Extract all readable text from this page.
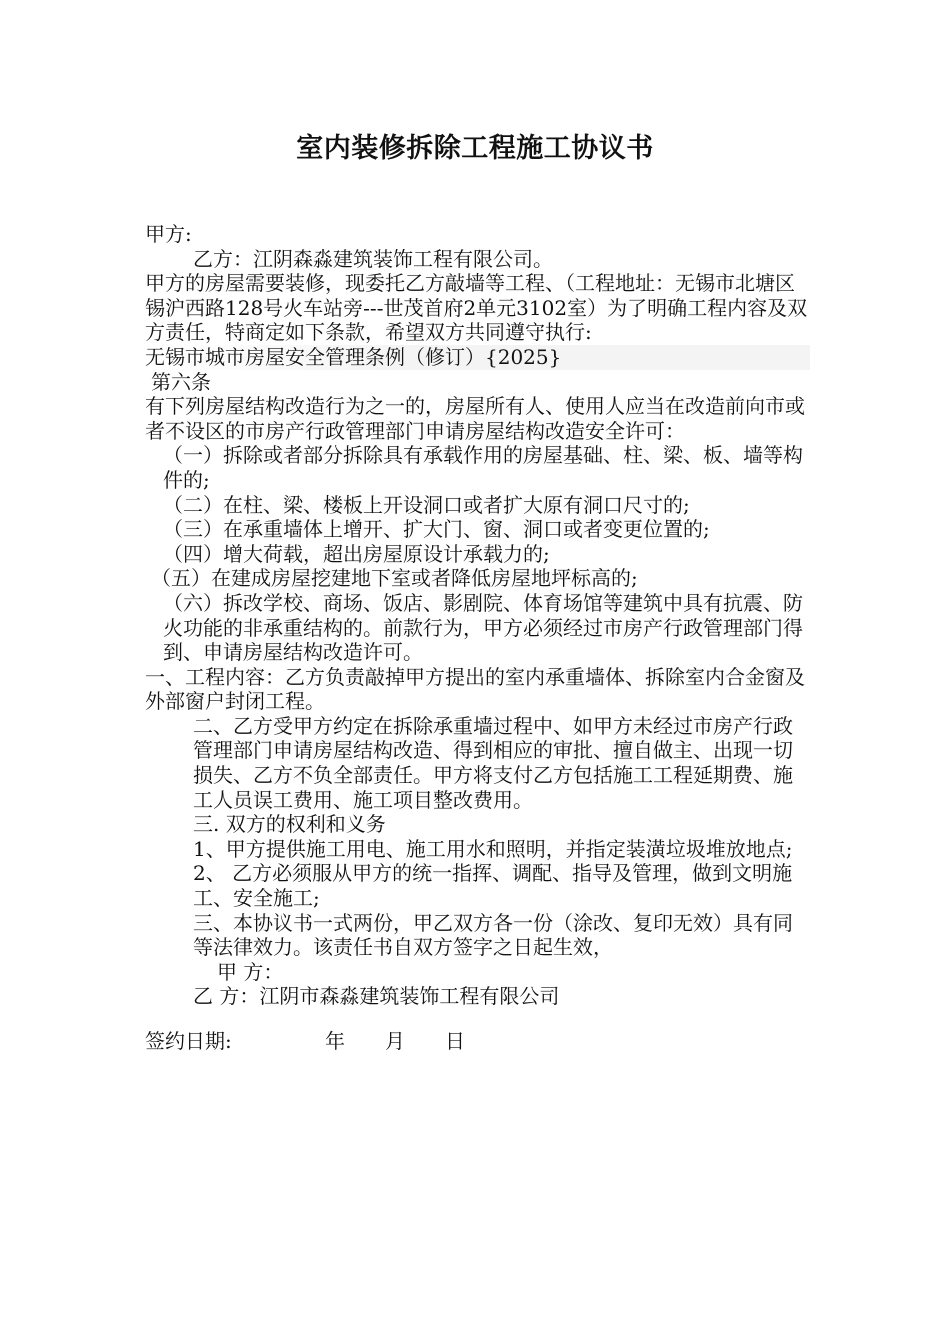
室内装修拆除工程施工协议书

甲方:

乙方：江阴森淼建筑装饰工程有限公司。

甲方的房屋需要装修，现委托乙方敲墙等工程、（工程地址：无锡市北塘区锡沪西路128号火车站旁---世茂首府2单元3102室）为了明确工程内容及双方责任，特商定如下条款，希望双方共同遵守执行:

无锡市城市房屋安全管理条例（修订）{2025}

第六条

有下列房屋结构改造行为之一的，房屋所有人、使用人应当在改造前向市或者不设区的市房产行政管理部门申请房屋结构改造安全许可：

（一）拆除或者部分拆除具有承载作用的房屋基础、柱、梁、板、墙等构件的;

（二）在柱、梁、楼板上开设洞口或者扩大原有洞口尺寸的;

（三）在承重墙体上增开、扩大门、窗、洞口或者变更位置的;

（四）增大荷载，超出房屋原设计承载力的;

（五）在建成房屋挖建地下室或者降低房屋地坪标高的;

（六）拆改学校、商场、饭店、影剧院、体育场馆等建筑中具有抗震、防火功能的非承重结构的。前款行为，甲方必须经过市房产行政管理部门得到、申请房屋结构改造许可。

一、工程内容：乙方负责敲掉甲方提出的室内承重墙体、拆除室内合金窗及外部窗户封闭工程。

二、乙方受甲方约定在拆除承重墙过程中、如甲方未经过市房产行政管理部门申请房屋结构改造、得到相应的审批、擅自做主、出现一切损失、乙方不负全部责任。甲方将支付乙方包括施工工程延期费、施工人员误工费用、施工项目整改费用。

三. 双方的权利和义务

1、甲方提供施工用电、施工用水和照明，并指定装潢垃圾堆放地点;

2、 乙方必须服从甲方的统一指挥、调配、指导及管理，做到文明施工、安全施工;

三、本协议书一式两份，甲乙双方各一份（涂改、复印无效）具有同等法律效力。该责任书自双方签字之日起生效，

甲 方：

乙 方：江阴市森淼建筑装饰工程有限公司

签约日期:	年 月 日
